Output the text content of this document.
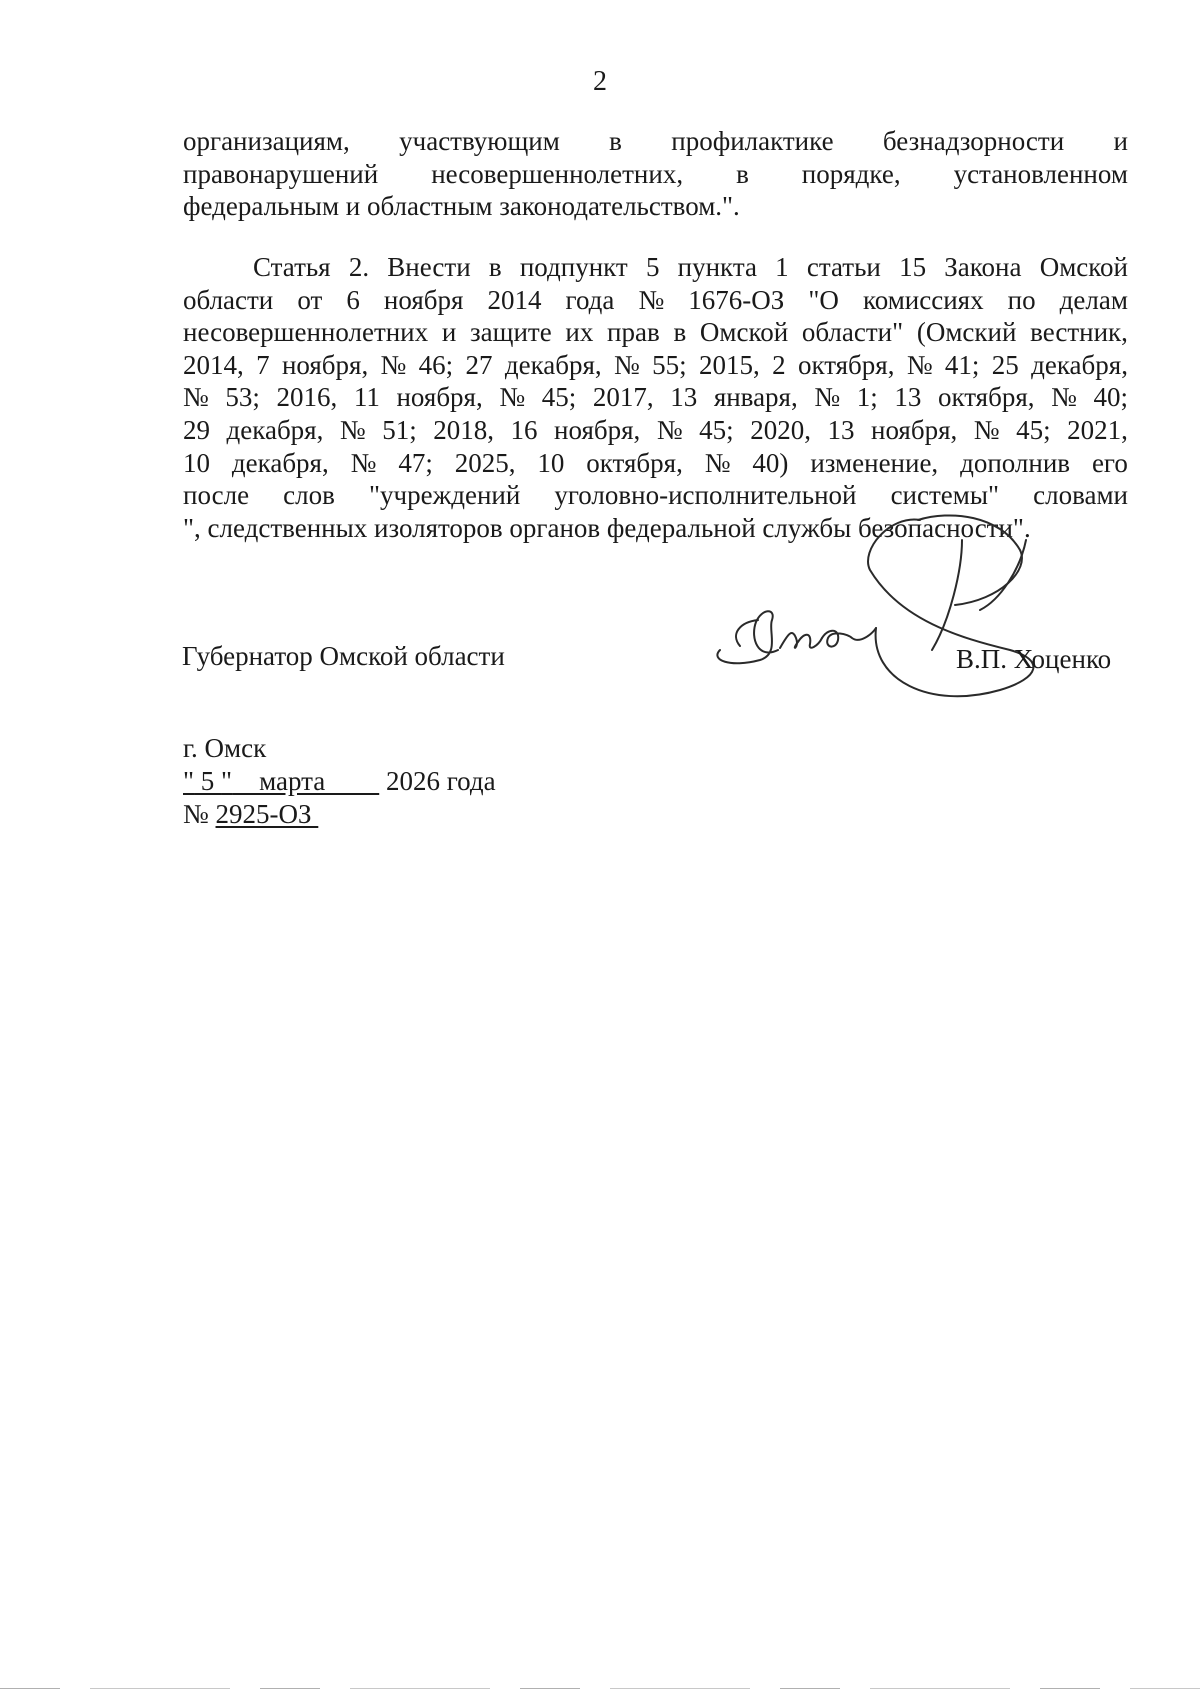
2
организациям, участвующим в профилактике безнадзорности и
правонарушений несовершеннолетних, в порядке, установленном
федеральным и областным законодательством.".
Статья 2. Внести в подпункт 5 пункта 1 статьи 15 Закона Омской
области от 6 ноября 2014 года № 1676-ОЗ "О комиссиях по делам
несовершеннолетних и защите их прав в Омской области" (Омский вестник,
2014, 7 ноября, № 46; 27 декабря, № 55; 2015, 2 октября, № 41; 25 декабря,
№ 53; 2016, 11 ноября, № 45; 2017, 13 января, № 1; 13 октября, № 40;
29 декабря, № 51; 2018, 16 ноября, № 45; 2020, 13 ноября, № 45; 2021,
10 декабря, № 47; 2025, 10 октября, № 40) изменение, дополнив его
после слов "учреждений уголовно-исполнительной системы" словами
", следственных изоляторов органов федеральной службы безопасности".
Губернатор Омской области	В.П. Хоценко
г. Омск
" 5 "    марта         2026 года
№ 2925-ОЗ
